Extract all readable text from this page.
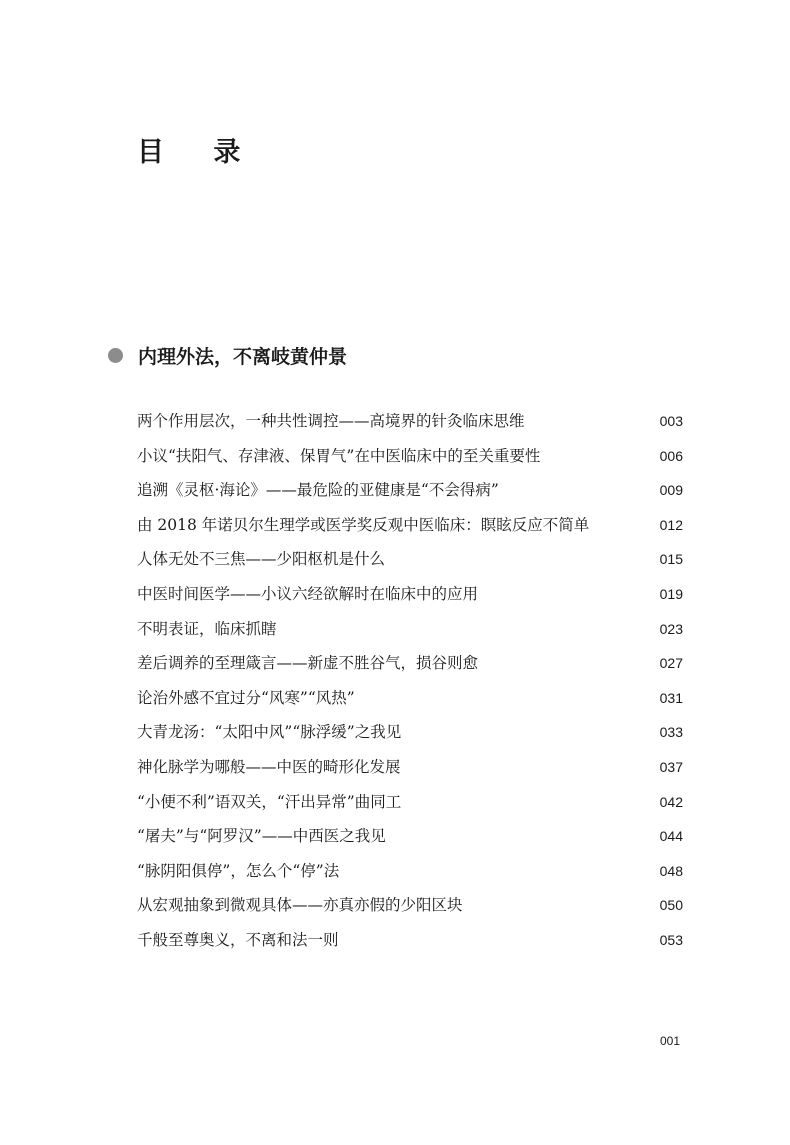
目 录
内理外法，不离岐黄仲景
两个作用层次，一种共性调控——高境界的针灸临床思维	003
小议“扶阳气、存津液、保胃气”在中医临床中的至关重要性	006
追溯《灵枢·海论》——最危险的亚健康是“不会得病”	009
由 2018 年诺贝尔生理学或医学奖反观中医临床：瞑眩反应不简单	012
人体无处不三焦——少阳枢机是什么	015
中医时间医学——小议六经欲解时在临床中的应用	019
不明表证，临床抓瞎	023
差后调养的至理箴言——新虚不胜谷气，损谷则愈	027
论治外感不宜过分“风寒”“风热”	031
大青龙汤：“太阳中风”“脉浮缓”之我见	033
神化脉学为哪般——中医的畸形化发展	037
“小便不利”语双关，“汗出异常”曲同工	042
“屠夫”与“阿罗汉”——中西医之我见	044
“脉阴阳俱停”，怎么个“停”法	048
从宏观抽象到微观具体——亦真亦假的少阳区块	050
千般至尊奥义，不离和法一则	053
001
